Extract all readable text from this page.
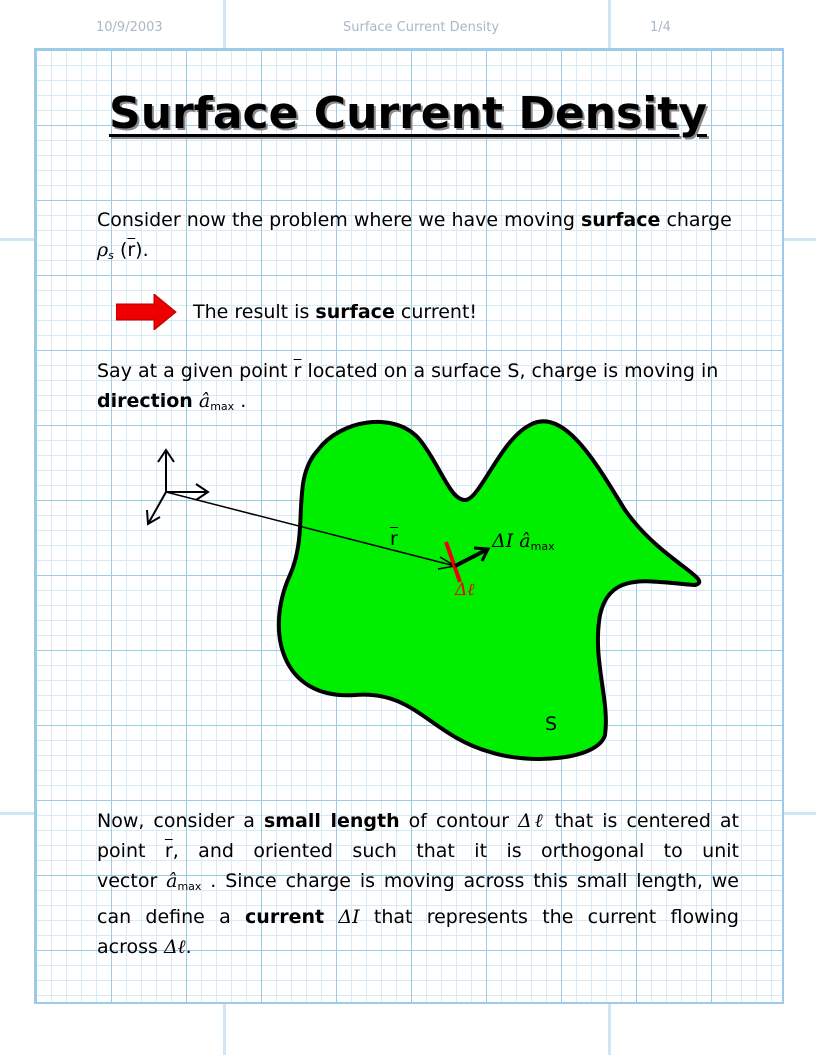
10/9/2003	Surface Current Density	1/4
Surface Current Density
Consider now the problem where we have moving surface charge
$\rho_s$ $(\overline{r})$.
The result is surface current!
Say at a given point $\overline{r}$ located on a surface S, charge is moving in
direction $â_{max}$ .
$\overline{r}$	ΔI $â_{max}$
Δℓ
S
Now, consider a small length of contour Δℓ that is centered at
point $\overline{r}$, and oriented such that it is orthogonal to unit
vector $â_{max}$ . Since charge is moving across this small length, we
can define a current ΔI that represents the current flowing
across Δℓ.
